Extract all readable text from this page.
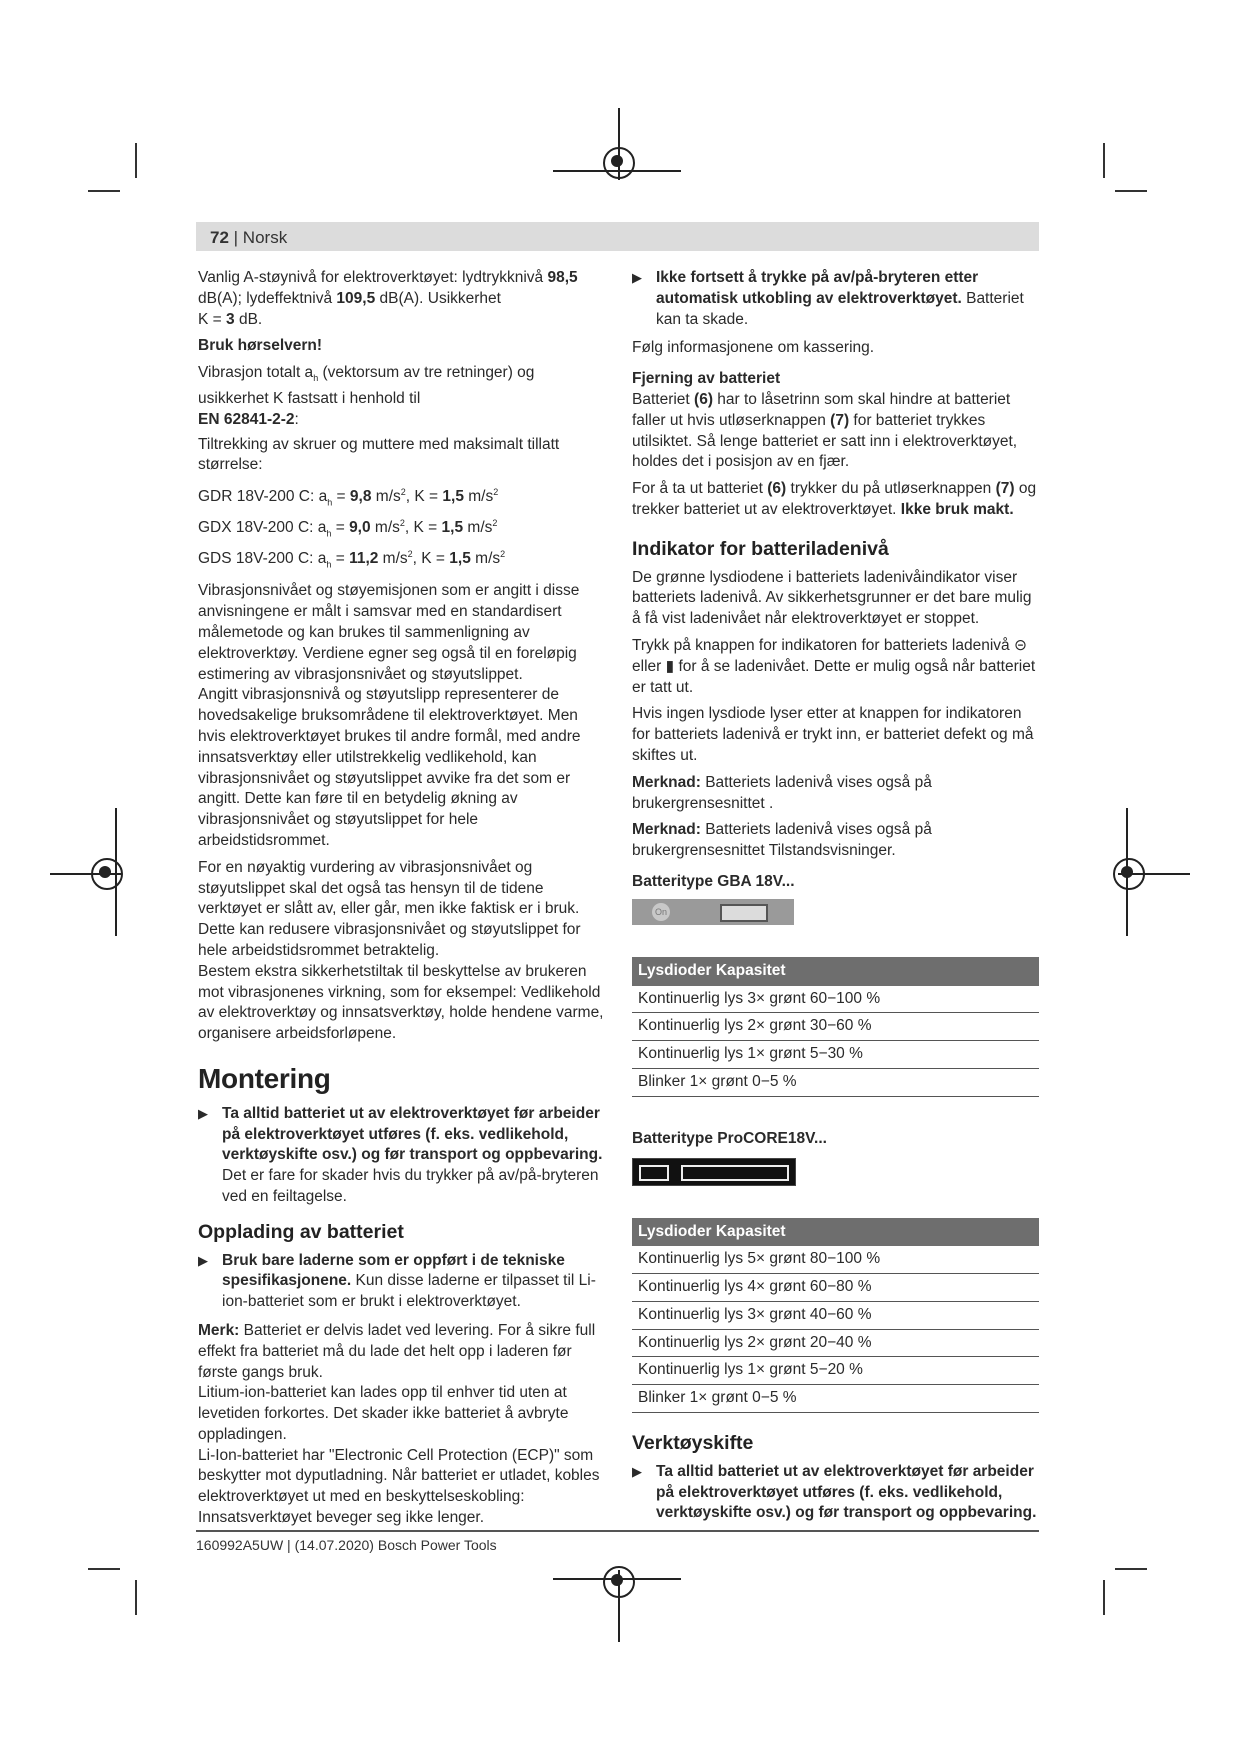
72 | Norsk

Vanlig A-støynivå for elektroverktøyet: lydtrykknivå 98,5 dB(A); lydeffektnivå 109,5 dB(A). Usikkerhet
K = 3 dB.

Bruk hørselvern!

Vibrasjon totalt $a_h$ (vektorsum av tre retninger) og usikkerhet K fastsatt i henhold til
EN 62841-2-2:

Tiltrekking av skruer og muttere med maksimalt tillatt størrelse:

GDR 18V-200 C: $a_h = 9,8$ $m/s^2$, K = 1,5 $m/s^2$

GDX 18V-200 C: $a_h = 9,0$ $m/s^2$, K = 1,5 $m/s^2$

GDS 18V-200 C: $a_h = 11,2$ $m/s^2$, K = 1,5 $m/s^2$

Vibrasjonsnivået og støyemisjonen som er angitt i disse anvisningene er målt i samsvar med en standardisert målemetode og kan brukes til sammenligning av elektroverktøy. Verdiene egner seg også til en foreløpig estimering av vibrasjonsnivået og støyutslippet.

Angitt vibrasjonsnivå og støyutslipp representerer de hovedsakelige bruksområdene til elektroverktøyet. Men hvis elektroverktøyet brukes til andre formål, med andre innsatsverktøy eller utilstrekkelig vedlikehold, kan vibrasjonsnivået og støyutslippet avvike fra det som er angitt. Dette kan føre til en betydelig økning av vibrasjonsnivået og støyutslippet for hele arbeidstidsrommet.

For en nøyaktig vurdering av vibrasjonsnivået og støyutslippet skal det også tas hensyn til de tidene verktøyet er slått av, eller går, men ikke faktisk er i bruk. Dette kan redusere vibrasjonsnivået og støyutslippet for hele arbeidstidsrommet betraktelig.

Bestem ekstra sikkerhetstiltak til beskyttelse av brukeren mot vibrasjonenes virkning, som for eksempel: Vedlikehold av elektroverktøy og innsatsverktøy, holde hendene varme, organisere arbeidsforløpene.

Montering
▶
Ta alltid batteriet ut av elektroverktøyet før arbeider på elektroverktøyet utføres (f. eks. vedlikehold, verktøyskifte osv.) og før transport og oppbevaring. Det er fare for skader hvis du trykker på av/på-bryteren ved en feiltagelse.
Opplading av batteriet
▶
Bruk bare laderne som er oppført i de tekniske spesifikasjonene. Kun disse laderne er tilpasset til Li-ion-batteriet som er brukt i elektroverktøyet.

Merk: Batteriet er delvis ladet ved levering. For å sikre full effekt fra batteriet må du lade det helt opp i laderen før første gangs bruk.

Litium-ion-batteriet kan lades opp til enhver tid uten at levetiden forkortes. Det skader ikke batteriet å avbryte oppladingen.

Li-Ion-batteriet har "Electronic Cell Protection (ECP)" som beskytter mot dyputladning. Når batteriet er utladet, kobles elektroverktøyet ut med en beskyttelseskobling: Innsatsverktøyet beveger seg ikke lenger.

▶
Ikke fortsett å trykke på av/på-bryteren etter automatisk utkobling av elektroverktøyet. Batteriet kan ta skade.

Følg informasjonene om kassering.

Fjerning av batteriet

Batteriet (6) har to låsetrinn som skal hindre at batteriet faller ut hvis utløserknappen (7) for batteriet trykkes utilsiktet. Så lenge batteriet er satt inn i elektroverktøyet, holdes det i posisjon av en fjær.

For å ta ut batteriet (6) trykker du på utløserknappen (7) og trekker batteriet ut av elektroverktøyet. Ikke bruk makt.

Indikator for batteriladenivå

De grønne lysdiodene i batteriets ladenivåindikator viser batteriets ladenivå. Av sikkerhetsgrunner er det bare mulig å få vist ladenivået når elektroverktøyet er stoppet.

Trykk på knappen for indikatoren for batteriets ladenivå ⊝ eller ▮ for å se ladenivået. Dette er mulig også når batteriet er tatt ut.

Hvis ingen lysdiode lyser etter at knappen for indikatoren for batteriets ladenivå er trykt inn, er batteriet defekt og må skiftes ut.

Merknad: Batteriets ladenivå vises også på brukergrensesnittet .

Merknad: Batteriets ladenivå vises også på brukergrensesnittet Tilstandsvisninger.

Batteritype GBA 18V...

On
Lysdioder Kapasitet
Kontinuerlig lys 3× grønt 60−100 %
Kontinuerlig lys 2× grønt 30−60 %
Kontinuerlig lys 1× grønt 5−30 %
Blinker 1× grønt 0−5 %

Batteritype ProCORE18V...

Lysdioder Kapasitet
Kontinuerlig lys 5× grønt 80−100 %
Kontinuerlig lys 4× grønt 60−80 %
Kontinuerlig lys 3× grønt 40−60 %
Kontinuerlig lys 2× grønt 20−40 %
Kontinuerlig lys 1× grønt 5−20 %
Blinker 1× grønt 0−5 %
Verktøyskifte
▶
Ta alltid batteriet ut av elektroverktøyet før arbeider på elektroverktøyet utføres (f. eks. vedlikehold, verktøyskifte osv.) og før transport og oppbevaring.
160992A5UW | (14.07.2020) Bosch Power Tools
